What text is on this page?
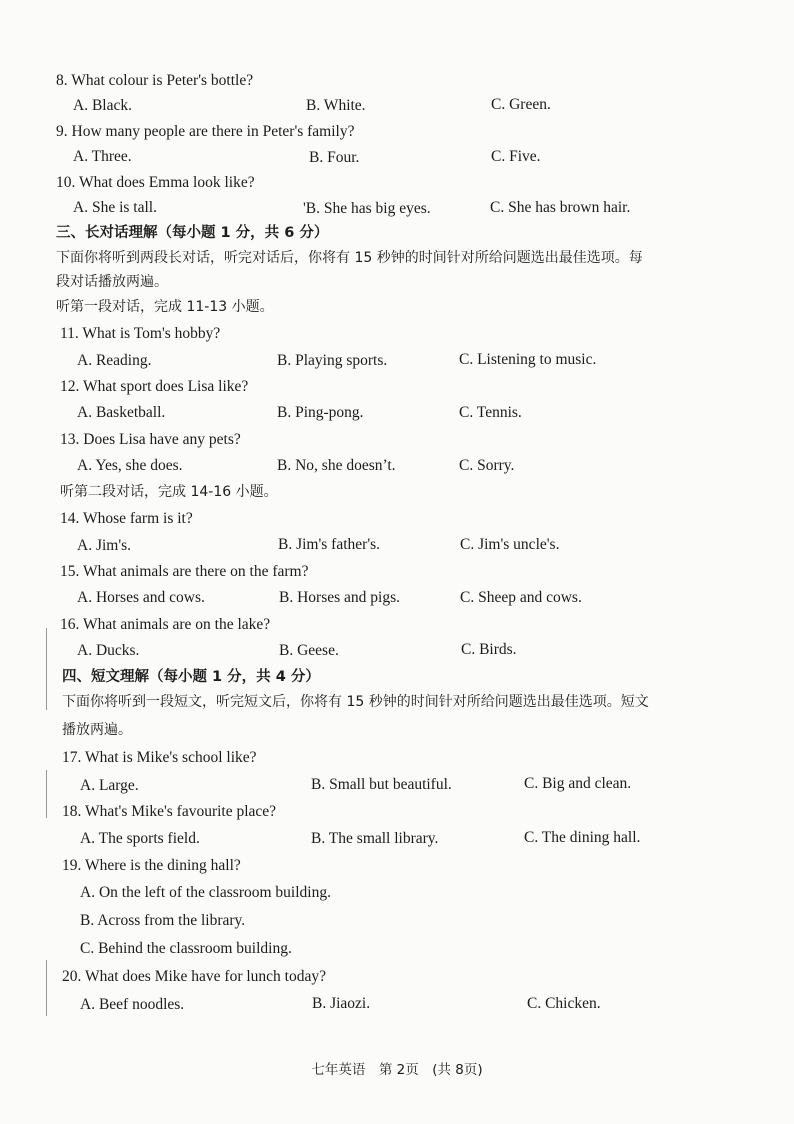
8. What colour is Peter's bottle?
A. Black.	B. White.	C. Green.
9. How many people are there in Peter's family?
A. Three.	B. Four.	C. Five.
10. What does Emma look like?
A. She is tall.	'B. She has big eyes.	C. She has brown hair.
三、长对话理解（每小题 1 分，共 6 分）
下面你将听到两段长对话，听完对话后，你将有 15 秒钟的时间针对所给问题选出最佳选项。每
段对话播放两遍。
听第一段对话，完成 11-13 小题。
11. What is Tom's hobby?
A. Reading.	B. Playing sports.	C. Listening to music.
12. What sport does Lisa like?
A. Basketball.	B. Ping-pong.	C. Tennis.
13. Does Lisa have any pets?
A. Yes, she does.	B. No, she doesn’t.	C. Sorry.
听第二段对话，完成 14-16 小题。
14. Whose farm is it?
A. Jim's.	B. Jim's father's.	C. Jim's uncle's.
15. What animals are there on the farm?
A. Horses and cows.	B. Horses and pigs.	C. Sheep and cows.
16. What animals are on the lake?
A. Ducks.	B. Geese.	C. Birds.
四、短文理解（每小题 1 分，共 4 分）
下面你将听到一段短文，听完短文后，你将有 15 秒钟的时间针对所给问题选出最佳选项。短文
播放两遍。
17. What is Mike's school like?
A. Large.	B. Small but beautiful.	C. Big and clean.
18. What's Mike's favourite place?
A. The sports field.	B. The small library.	C. The dining hall.
19. Where is the dining hall?
A. On the left of the classroom building.
B. Across from the library.
C. Behind the classroom building.
20. What does Mike have for lunch today?
A. Beef noodles.	B. Jiaozi.	C. Chicken.
七年英语　第 2页　(共 8页)
